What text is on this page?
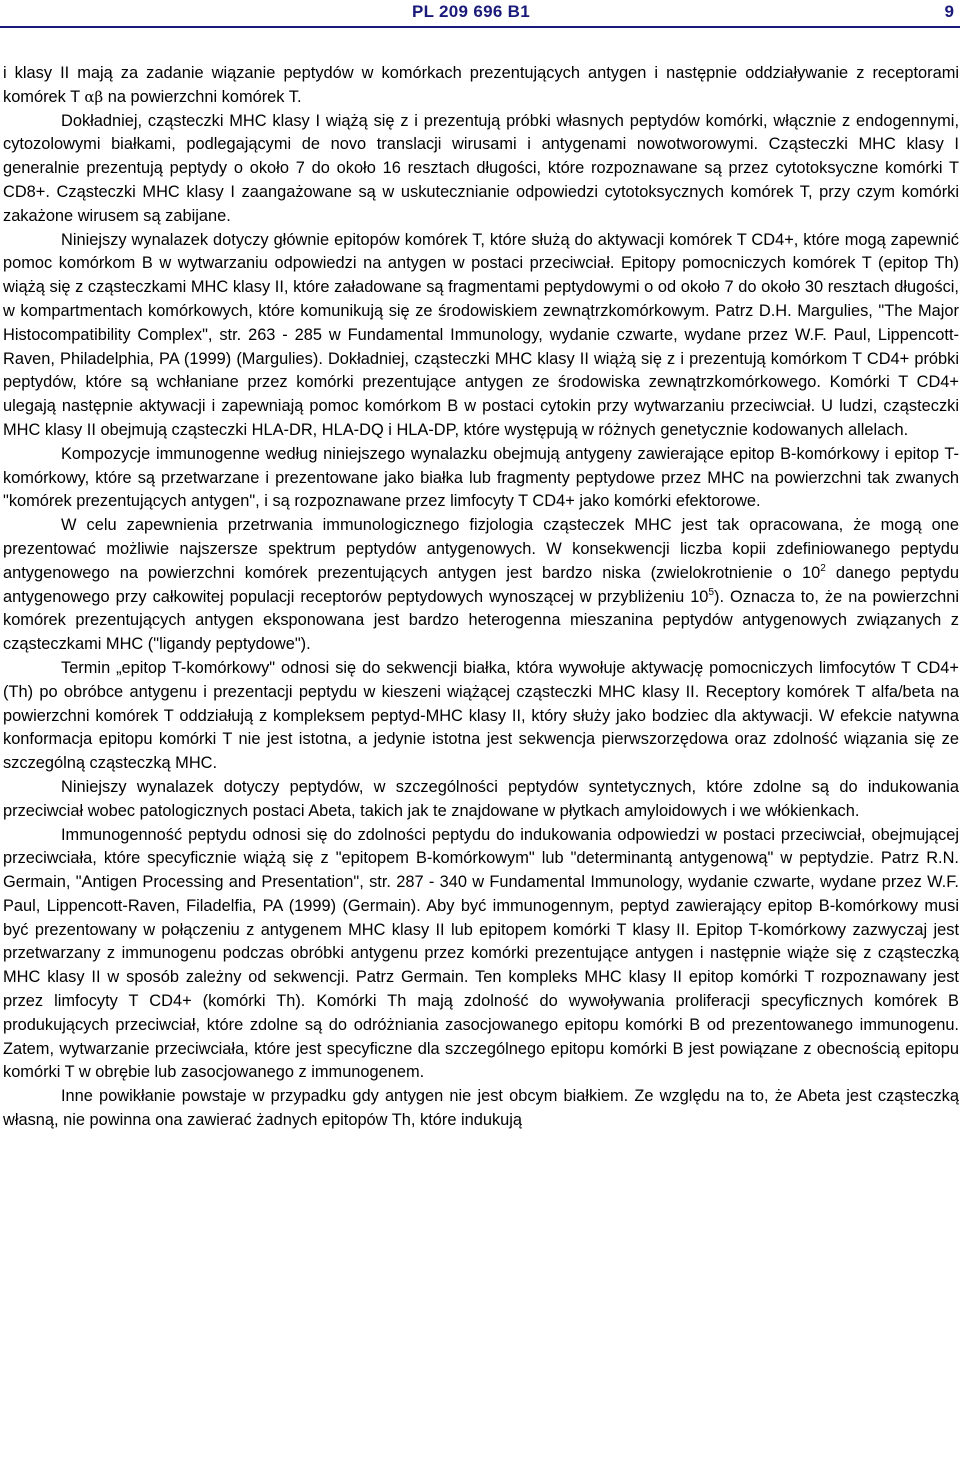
PL 209 696 B1	9

i klasy II mają za zadanie wiązanie peptydów w komórkach prezentujących antygen i następnie oddziaływanie z receptorami komórek T αβ na powierzchni komórek T.

Dokładniej, cząsteczki MHC klasy I wiążą się z i prezentują próbki własnych peptydów komórki, włącznie z endogennymi, cytozolowymi białkami, podlegającymi de novo translacji wirusami i antygenami nowotworowymi. Cząsteczki MHC klasy I generalnie prezentują peptydy o około 7 do około 16 resztach długości, które rozpoznawane są przez cytotoksyczne komórki T CD8+. Cząsteczki MHC klasy I zaangażowane są w uskutecznianie odpowiedzi cytotoksycznych komórek T, przy czym komórki zakażone wirusem są zabijane.

Niniejszy wynalazek dotyczy głównie epitopów komórek T, które służą do aktywacji komórek T CD4+, które mogą zapewnić pomoc komórkom B w wytwarzaniu odpowiedzi na antygen w postaci przeciwciał. Epitopy pomocniczych komórek T (epitop Th) wiążą się z cząsteczkami MHC klasy II, które załadowane są fragmentami peptydowymi o od około 7 do około 30 resztach długości, w kompartmentach komórkowych, które komunikują się ze środowiskiem zewnątrzkomórkowym. Patrz D.H. Margulies, "The Major Histocompatibility Complex", str. 263 - 285 w Fundamental Immunology, wydanie czwarte, wydane przez W.F. Paul, Lippencott-Raven, Philadelphia, PA (1999) (Margulies). Dokładniej, cząsteczki MHC klasy II wiążą się z i prezentują komórkom T CD4+ próbki peptydów, które są wchłaniane przez komórki prezentujące antygen ze środowiska zewnątrzkomórkowego. Komórki T CD4+ ulegają następnie aktywacji i zapewniają pomoc komórkom B w postaci cytokin przy wytwarzaniu przeciwciał. U ludzi, cząsteczki MHC klasy II obejmują cząsteczki HLA-DR, HLA-DQ i HLA-DP, które występują w różnych genetycznie kodowanych allelach.

Kompozycje immunogenne według niniejszego wynalazku obejmują antygeny zawierające epitop B-komórkowy i epitop T-komórkowy, które są przetwarzane i prezentowane jako białka lub fragmenty peptydowe przez MHC na powierzchni tak zwanych "komórek prezentujących antygen", i są rozpoznawane przez limfocyty T CD4+ jako komórki efektorowe.

W celu zapewnienia przetrwania immunologicznego fizjologia cząsteczek MHC jest tak opracowana, że mogą one prezentować możliwie najszersze spektrum peptydów antygenowych. W konsekwencji liczba kopii zdefiniowanego peptydu antygenowego na powierzchni komórek prezentujących antygen jest bardzo niska (zwielokrotnienie o $10^2$ danego peptydu antygenowego przy całkowitej populacji receptorów peptydowych wynoszącej w przybliżeniu $10^5$). Oznacza to, że na powierzchni komórek prezentujących antygen eksponowana jest bardzo heterogenna mieszanina peptydów antygenowych związanych z cząsteczkami MHC ("ligandy peptydowe").

Termin „epitop T-komórkowy" odnosi się do sekwencji białka, która wywołuje aktywację pomocniczych limfocytów T CD4+ (Th) po obróbce antygenu i prezentacji peptydu w kieszeni wiążącej cząsteczki MHC klasy II. Receptory komórek T alfa/beta na powierzchni komórek T oddziałują z kompleksem peptyd-MHC klasy II, który służy jako bodziec dla aktywacji. W efekcie natywna konformacja epitopu komórki T nie jest istotna, a jedynie istotna jest sekwencja pierwszorzędowa oraz zdolność wiązania się ze szczególną cząsteczką MHC.

Niniejszy wynalazek dotyczy peptydów, w szczególności peptydów syntetycznych, które zdolne są do indukowania przeciwciał wobec patologicznych postaci Abeta, takich jak te znajdowane w płytkach amyloidowych i we włókienkach.

Immunogenność peptydu odnosi się do zdolności peptydu do indukowania odpowiedzi w postaci przeciwciał, obejmującej przeciwciała, które specyficznie wiążą się z "epitopem B-komórkowym" lub "determinantą antygenową" w peptydzie. Patrz R.N. Germain, "Antigen Processing and Presentation", str. 287 - 340 w Fundamental Immunology, wydanie czwarte, wydane przez W.F. Paul, Lippencott-Raven, Filadelfia, PA (1999) (Germain). Aby być immunogennym, peptyd zawierający epitop B-komórkowy musi być prezentowany w połączeniu z antygenem MHC klasy II lub epitopem komórki T klasy II. Epitop T-komórkowy zazwyczaj jest przetwarzany z immunogenu podczas obróbki antygenu przez komórki prezentujące antygen i następnie wiąże się z cząsteczką MHC klasy II w sposób zależny od sekwencji. Patrz Germain. Ten kompleks MHC klasy II epitop komórki T rozpoznawany jest przez limfocyty T CD4+ (komórki Th). Komórki Th mają zdolność do wywoływania proliferacji specyficznych komórek B produkujących przeciwciał, które zdolne są do odróżniania zasocjowanego epitopu komórki B od prezentowanego immunogenu. Zatem, wytwarzanie przeciwciała, które jest specyficzne dla szczególnego epitopu komórki B jest powiązane z obecnością epitopu komórki T w obrębie lub zasocjowanego z immunogenem.

Inne powikłanie powstaje w przypadku gdy antygen nie jest obcym białkiem. Ze względu na to, że Abeta jest cząsteczką własną, nie powinna ona zawierać żadnych epitopów Th, które indukują
